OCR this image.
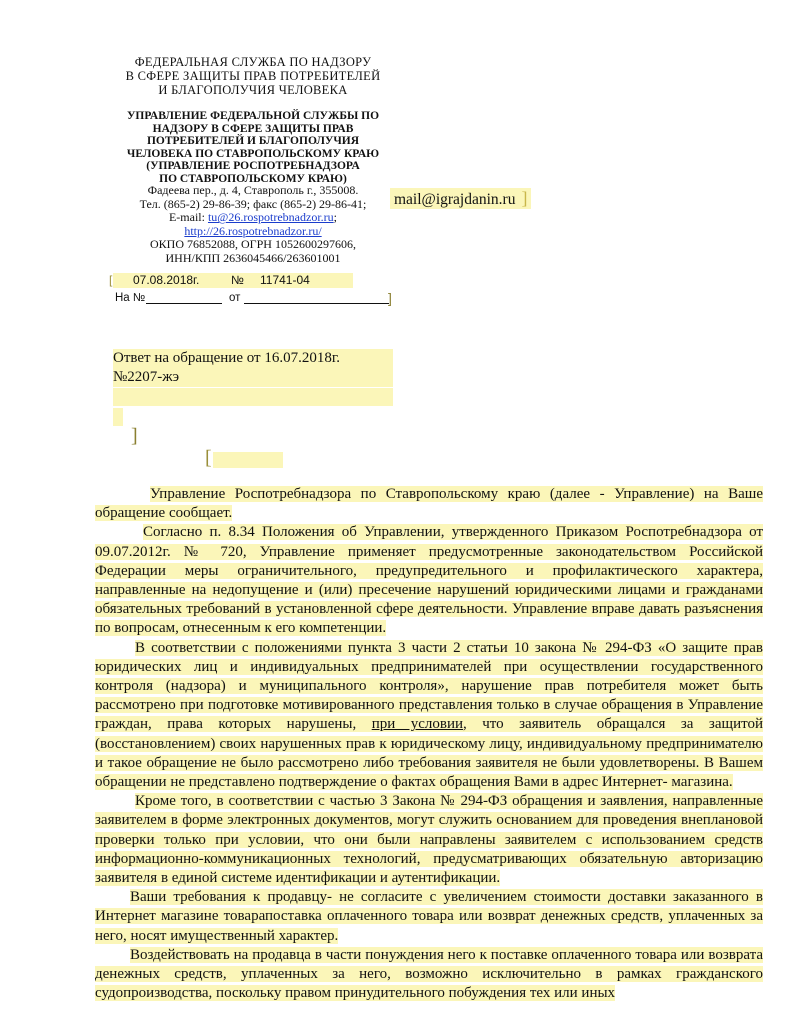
ФЕДЕРАЛЬНАЯ СЛУЖБА ПО НАДЗОРУ
В СФЕРЕ ЗАЩИТЫ ПРАВ ПОТРЕБИТЕЛЕЙ
И БЛАГОПОЛУЧИЯ ЧЕЛОВЕКА
УПРАВЛЕНИЕ ФЕДЕРАЛЬНОЙ СЛУЖБЫ ПО
НАДЗОРУ В СФЕРЕ ЗАЩИТЫ ПРАВ
ПОТРЕБИТЕЛЕЙ И БЛАГОПОЛУЧИЯ
ЧЕЛОВЕКА ПО СТАВРОПОЛЬСКОМУ КРАЮ
(УПРАВЛЕНИЕ РОСПОТРЕБНАДЗОРА
ПО СТАВРОПОЛЬСКОМУ КРАЮ)
Фадеева пер., д. 4, Ставрополь г., 355008.
Тел. (865-2) 29-86-39; факс (865-2) 29-86-41;
E-mail: tu@26.rospotrebnadzor.ru;
http://26.rospotrebnadzor.ru/
ОКПО 76852088, ОГРН 1052600297606,
ИНН/КПП 2636045466/263601001
mail@igrajdanin.ru ]
[ 07.08.2018г.	№ 11741-04
На №	от	]
Ответ на обращение от 16.07.2018г.
№2207-жэ
]
[

Управление Роспотребнадзора по Ставропольскому краю (далее - Управление) на Ваше обращение сообщает.

Согласно п. 8.34 Положения об Управлении, утвержденного Приказом Роспотребнадзора от 09.07.2012г. № 720, Управление применяет предусмотренные законодательством Российской Федерации меры ограничительного, предупредительного и профилактического характера, направленные на недопущение и (или) пресечение нарушений юридическими лицами и гражданами обязательных требований в установленной сфере деятельности. Управление вправе давать разъяснения по вопросам, отнесенным к его компетенции.

В соответствии с положениями пункта 3 части 2 статьи 10 закона № 294-ФЗ «О защите прав юридических лиц и индивидуальных предпринимателей при осуществлении государственного контроля (надзора) и муниципального контроля», нарушение прав потребителя может быть рассмотрено при подготовке мотивированного представления только в случае обращения в Управление граждан, права которых нарушены, при условии, что заявитель обращался за защитой (восстановлением) своих нарушенных прав к юридическому лицу, индивидуальному предпринимателю и такое обращение не было рассмотрено либо требования заявителя не были удовлетворены. В Вашем обращении не представлено подтверждение о фактах обращения Вами в адрес Интернет- магазина.

Кроме того, в соответствии с частью 3 Закона № 294-ФЗ обращения и заявления, направленные заявителем в форме электронных документов, могут служить основанием для проведения внеплановой проверки только при условии, что они были направлены заявителем с использованием средств информационно-коммуникационных технологий, предусматривающих обязательную авторизацию заявителя в единой системе идентификации и аутентификации.

Ваши требования к продавцу- не согласите с увеличением стоимости доставки заказанного в Интернет магазине товарапоставка оплаченного товара или возврат денежных средств, уплаченных за него, носят имущественный характер.

Воздействовать на продавца в части понуждения него к поставке оплаченного товара или возврата денежных средств, уплаченных за него, возможно исключительно в рамках гражданского судопроизводства, поскольку правом принудительного побуждения тех или иных
